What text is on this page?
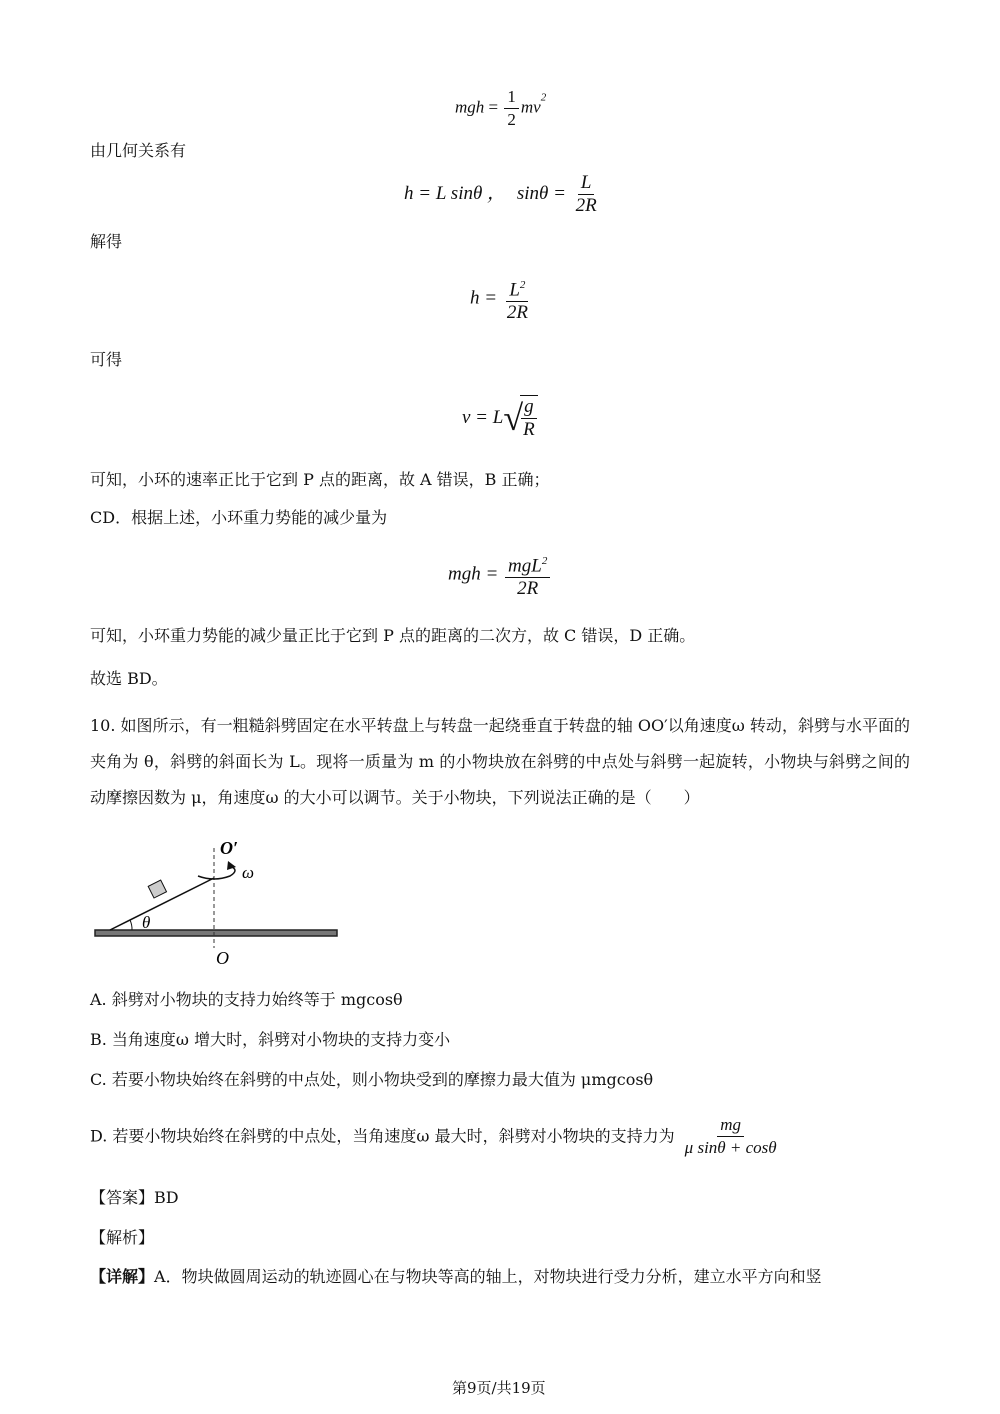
mgh = $\frac{1}{2} mv^2$
由几何关系有
h = L sinθ ， $\sin\theta = \frac{L}{2R}$
解得
$h = \frac{L^2}{2R}$
可得
v = L√
$\frac{g}{R}$
可知，小环的速率正比于它到 P 点的距离，故 A 错误，B 正确；
CD．根据上述，小环重力势能的减少量为
mgh = $\frac{mgL^2}{2R}$
可知，小环重力势能的减少量正比于它到 P 点的距离的二次方，故 C 错误，D 正确。
故选 BD。
10. 如图所示，有一粗糙斜劈固定在水平转盘上与转盘一起绕垂直于转盘的轴 OO′以角速度ω 转动，斜劈与水平面的夹角为 θ，斜劈的斜面长为 L。现将一质量为 m 的小物块放在斜劈的中点处与斜劈一起旋转，小物块与斜劈之间的动摩擦因数为 μ，角速度ω 的大小可以调节。关于小物块，下列说法正确的是（　　）
O′
ω
θ
O
A. 斜劈对小物块的支持力始终等于 mgcosθ
B. 当角速度ω 增大时，斜劈对小物块的支持力变小
C. 若要小物块始终在斜劈的中点处，则小物块受到的摩擦力最大值为 μmgcosθ
D. 若要小物块始终在斜劈的中点处，当角速度ω 最大时，斜劈对小物块的支持力为 $\frac{mg}{\text{μ sinθ + cosθ}}$
【答案】BD
【解析】
【详解】A．物块做圆周运动的轨迹圆心在与物块等高的轴上，对物块进行受力分析，建立水平方向和竖
第9页/共19页
